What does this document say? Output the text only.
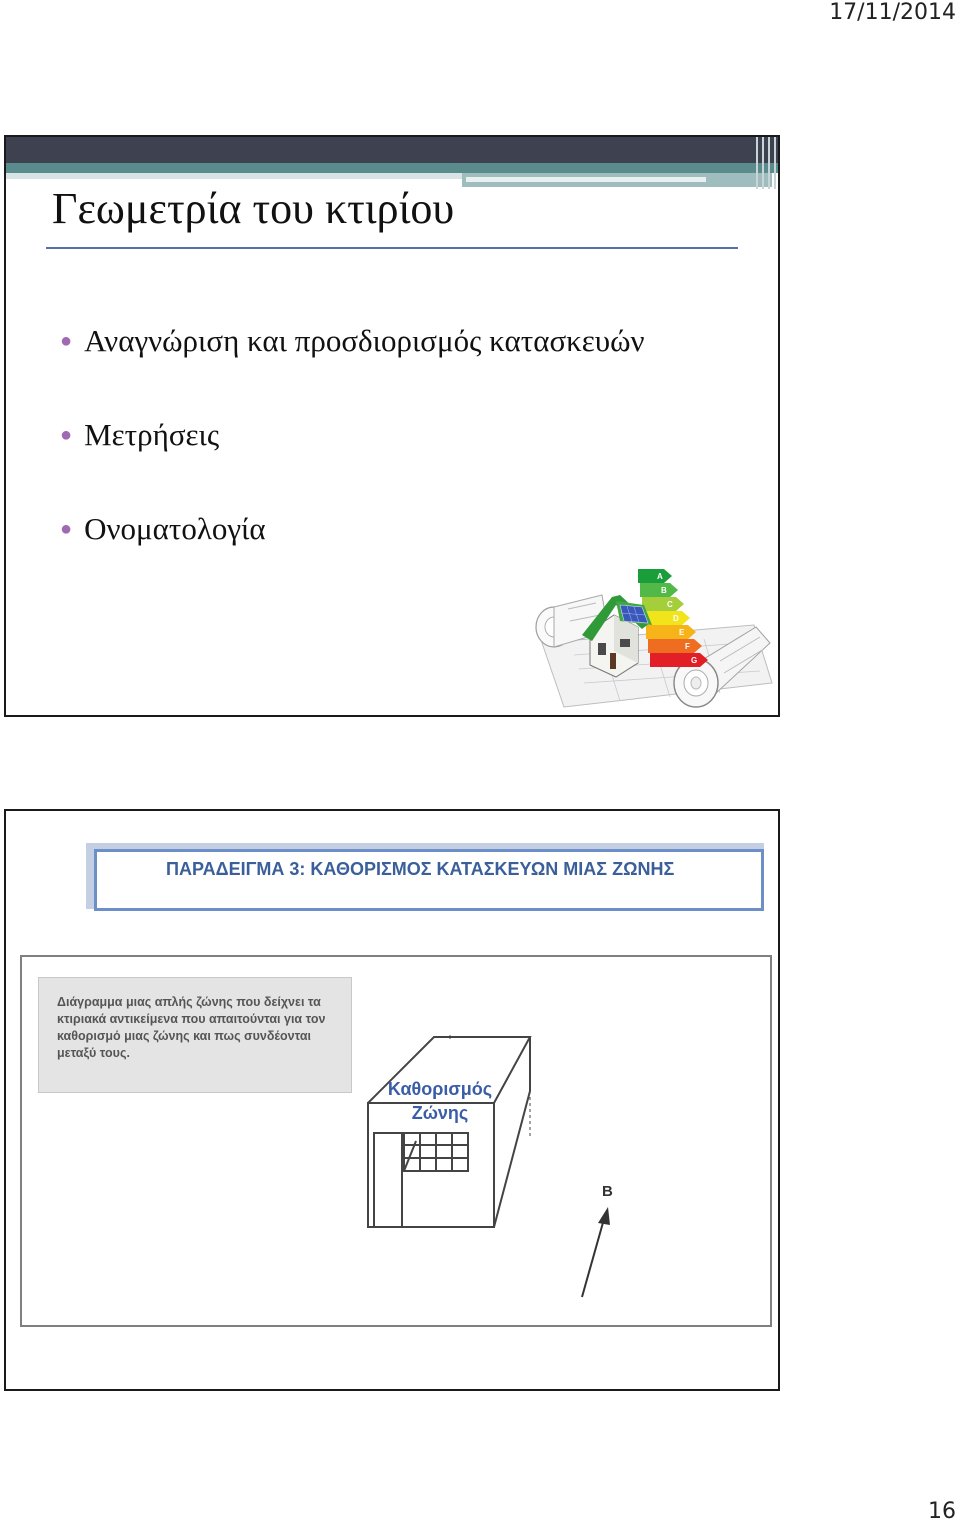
17/11/2014
Γεωμετρία του κτιρίου
● Αναγνώριση και προσδιορισμός κατασκευών
● Μετρήσεις
● Ονοματολογία
A
B
C
D
E
F
G
ΠΑΡΑΔΕΙΓΜΑ 3: ΚΑΘΟΡΙΣΜΟΣ ΚΑΤΑΣΚΕΥΩΝ ΜΙΑΣ ΖΩΝΗΣ
Διάγραμμα μιας απλής ζώνης που δείχνει τα κτιριακά αντικείμενα που απαιτούνται για τον καθορισμό μιας ζώνης και πως συνδέονται μεταξύ τους.
Καθορισμός
Ζώνης
B
16
